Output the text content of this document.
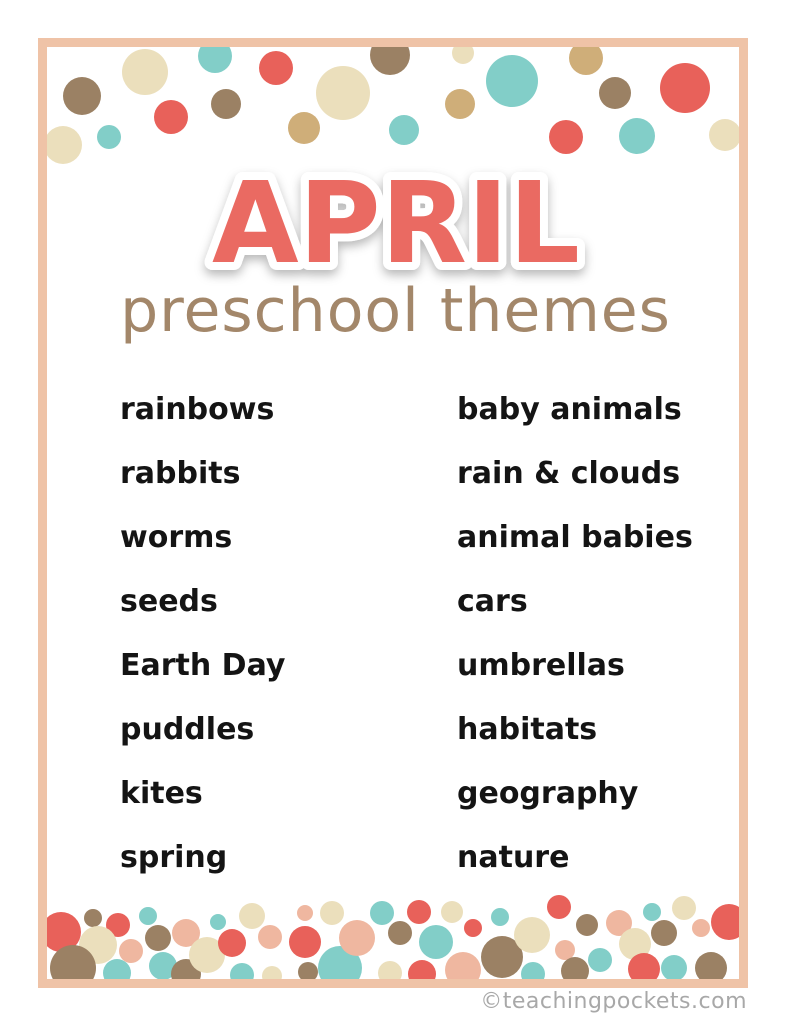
APRIL
preschool themes
rainbows
rabbits
worms
seeds
Earth Day
puddles
kites
spring
baby animals
rain & clouds
animal babies
cars
umbrellas
habitats
geography
nature
©teachingpockets.com
